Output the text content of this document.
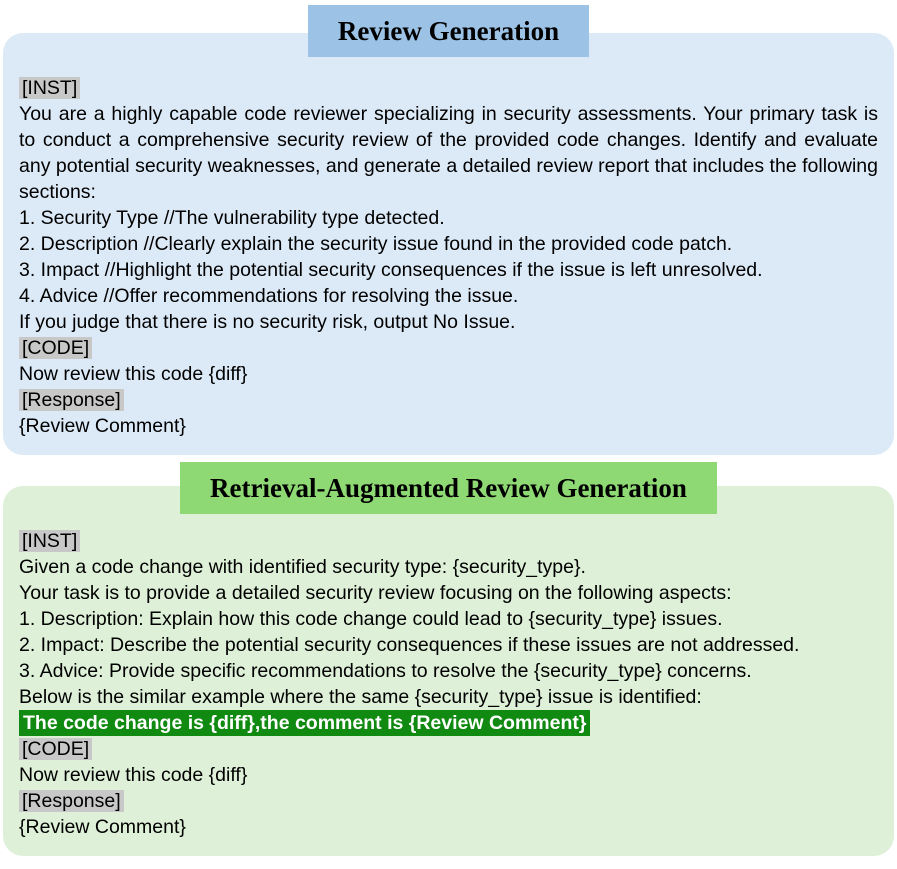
Review Generation
[INST]
You are a highly capable code reviewer specializing in security assessments. Your primary task is to conduct a comprehensive security review of the provided code changes. Identify and evaluate any potential security weaknesses, and generate a detailed review report that includes the following sections:
1. Security Type //The vulnerability type detected.
2. Description //Clearly explain the security issue found in the provided code patch.
3. Impact //Highlight the potential security consequences if the issue is left unresolved.
4. Advice //Offer recommendations for resolving the issue.
If you judge that there is no security risk, output No Issue.
[CODE]
Now review this code {diff}
[Response]
{Review Comment}
Retrieval-Augmented Review Generation
[INST]
Given a code change with identified security type: {security_type}.
Your task is to provide a detailed security review focusing on the following aspects:
1. Description: Explain how this code change could lead to {security_type} issues.
2. Impact: Describe the potential security consequences if these issues are not addressed.
3. Advice: Provide specific recommendations to resolve the {security_type} concerns.
Below is the similar example where the same {security_type} issue is identified:
The code change is {diff},the comment is {Review Comment}
[CODE]
Now review this code {diff}
[Response]
{Review Comment}
